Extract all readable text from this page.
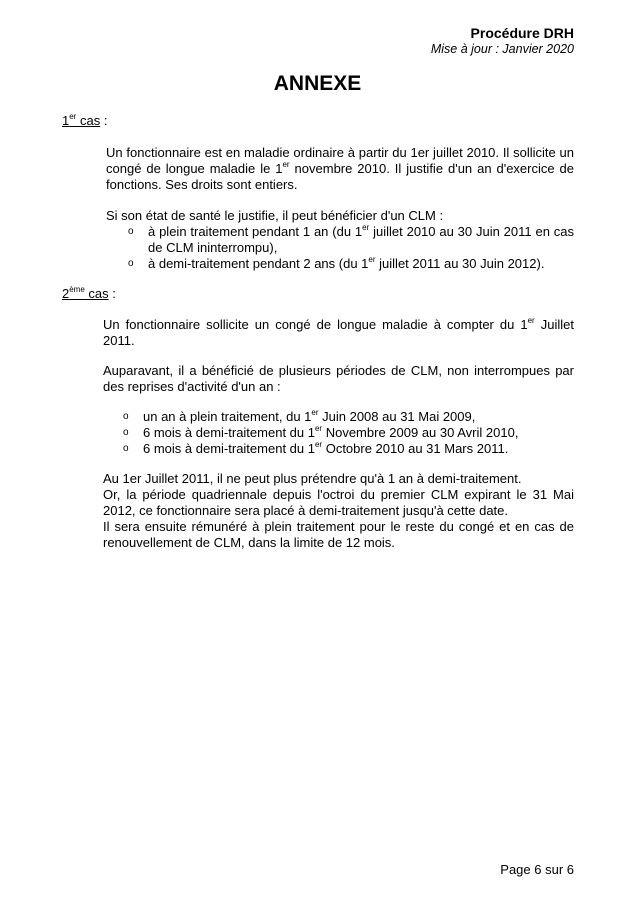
Procédure DRH
Mise à jour : Janvier 2020
ANNEXE
1er cas :

Un fonctionnaire est en maladie ordinaire à partir du 1er juillet 2010. Il sollicite un congé de longue maladie le 1er novembre 2010. Il justifie d'un an d'exercice de fonctions. Ses droits sont entiers.

Si son état de santé le justifie, il peut bénéficier d'un CLM :

o à plein traitement pendant 1 an (du 1er juillet 2010 au 30 Juin 2011 en cas de CLM ininterrompu),
o à demi-traitement pendant 2 ans (du 1er juillet 2011 au 30 Juin 2012).
2ème cas :

Un fonctionnaire sollicite un congé de longue maladie à compter du 1er Juillet 2011.

Auparavant, il a bénéficié de plusieurs périodes de CLM, non interrompues par des reprises d'activité d'un an :

o un an à plein traitement, du 1er Juin 2008 au 31 Mai 2009,
o 6 mois à demi-traitement du 1er Novembre 2009 au 30 Avril 2010,
o 6 mois à demi-traitement du 1er Octobre 2010 au 31 Mars 2011.

Au 1er Juillet 2011, il ne peut plus prétendre qu'à 1 an à demi-traitement.

Or, la période quadriennale depuis l'octroi du premier CLM expirant le 31 Mai 2012, ce fonctionnaire sera placé à demi-traitement jusqu'à cette date.

Il sera ensuite rémunéré à plein traitement pour le reste du congé et en cas de renouvellement de CLM, dans la limite de 12 mois.

Page 6 sur 6
